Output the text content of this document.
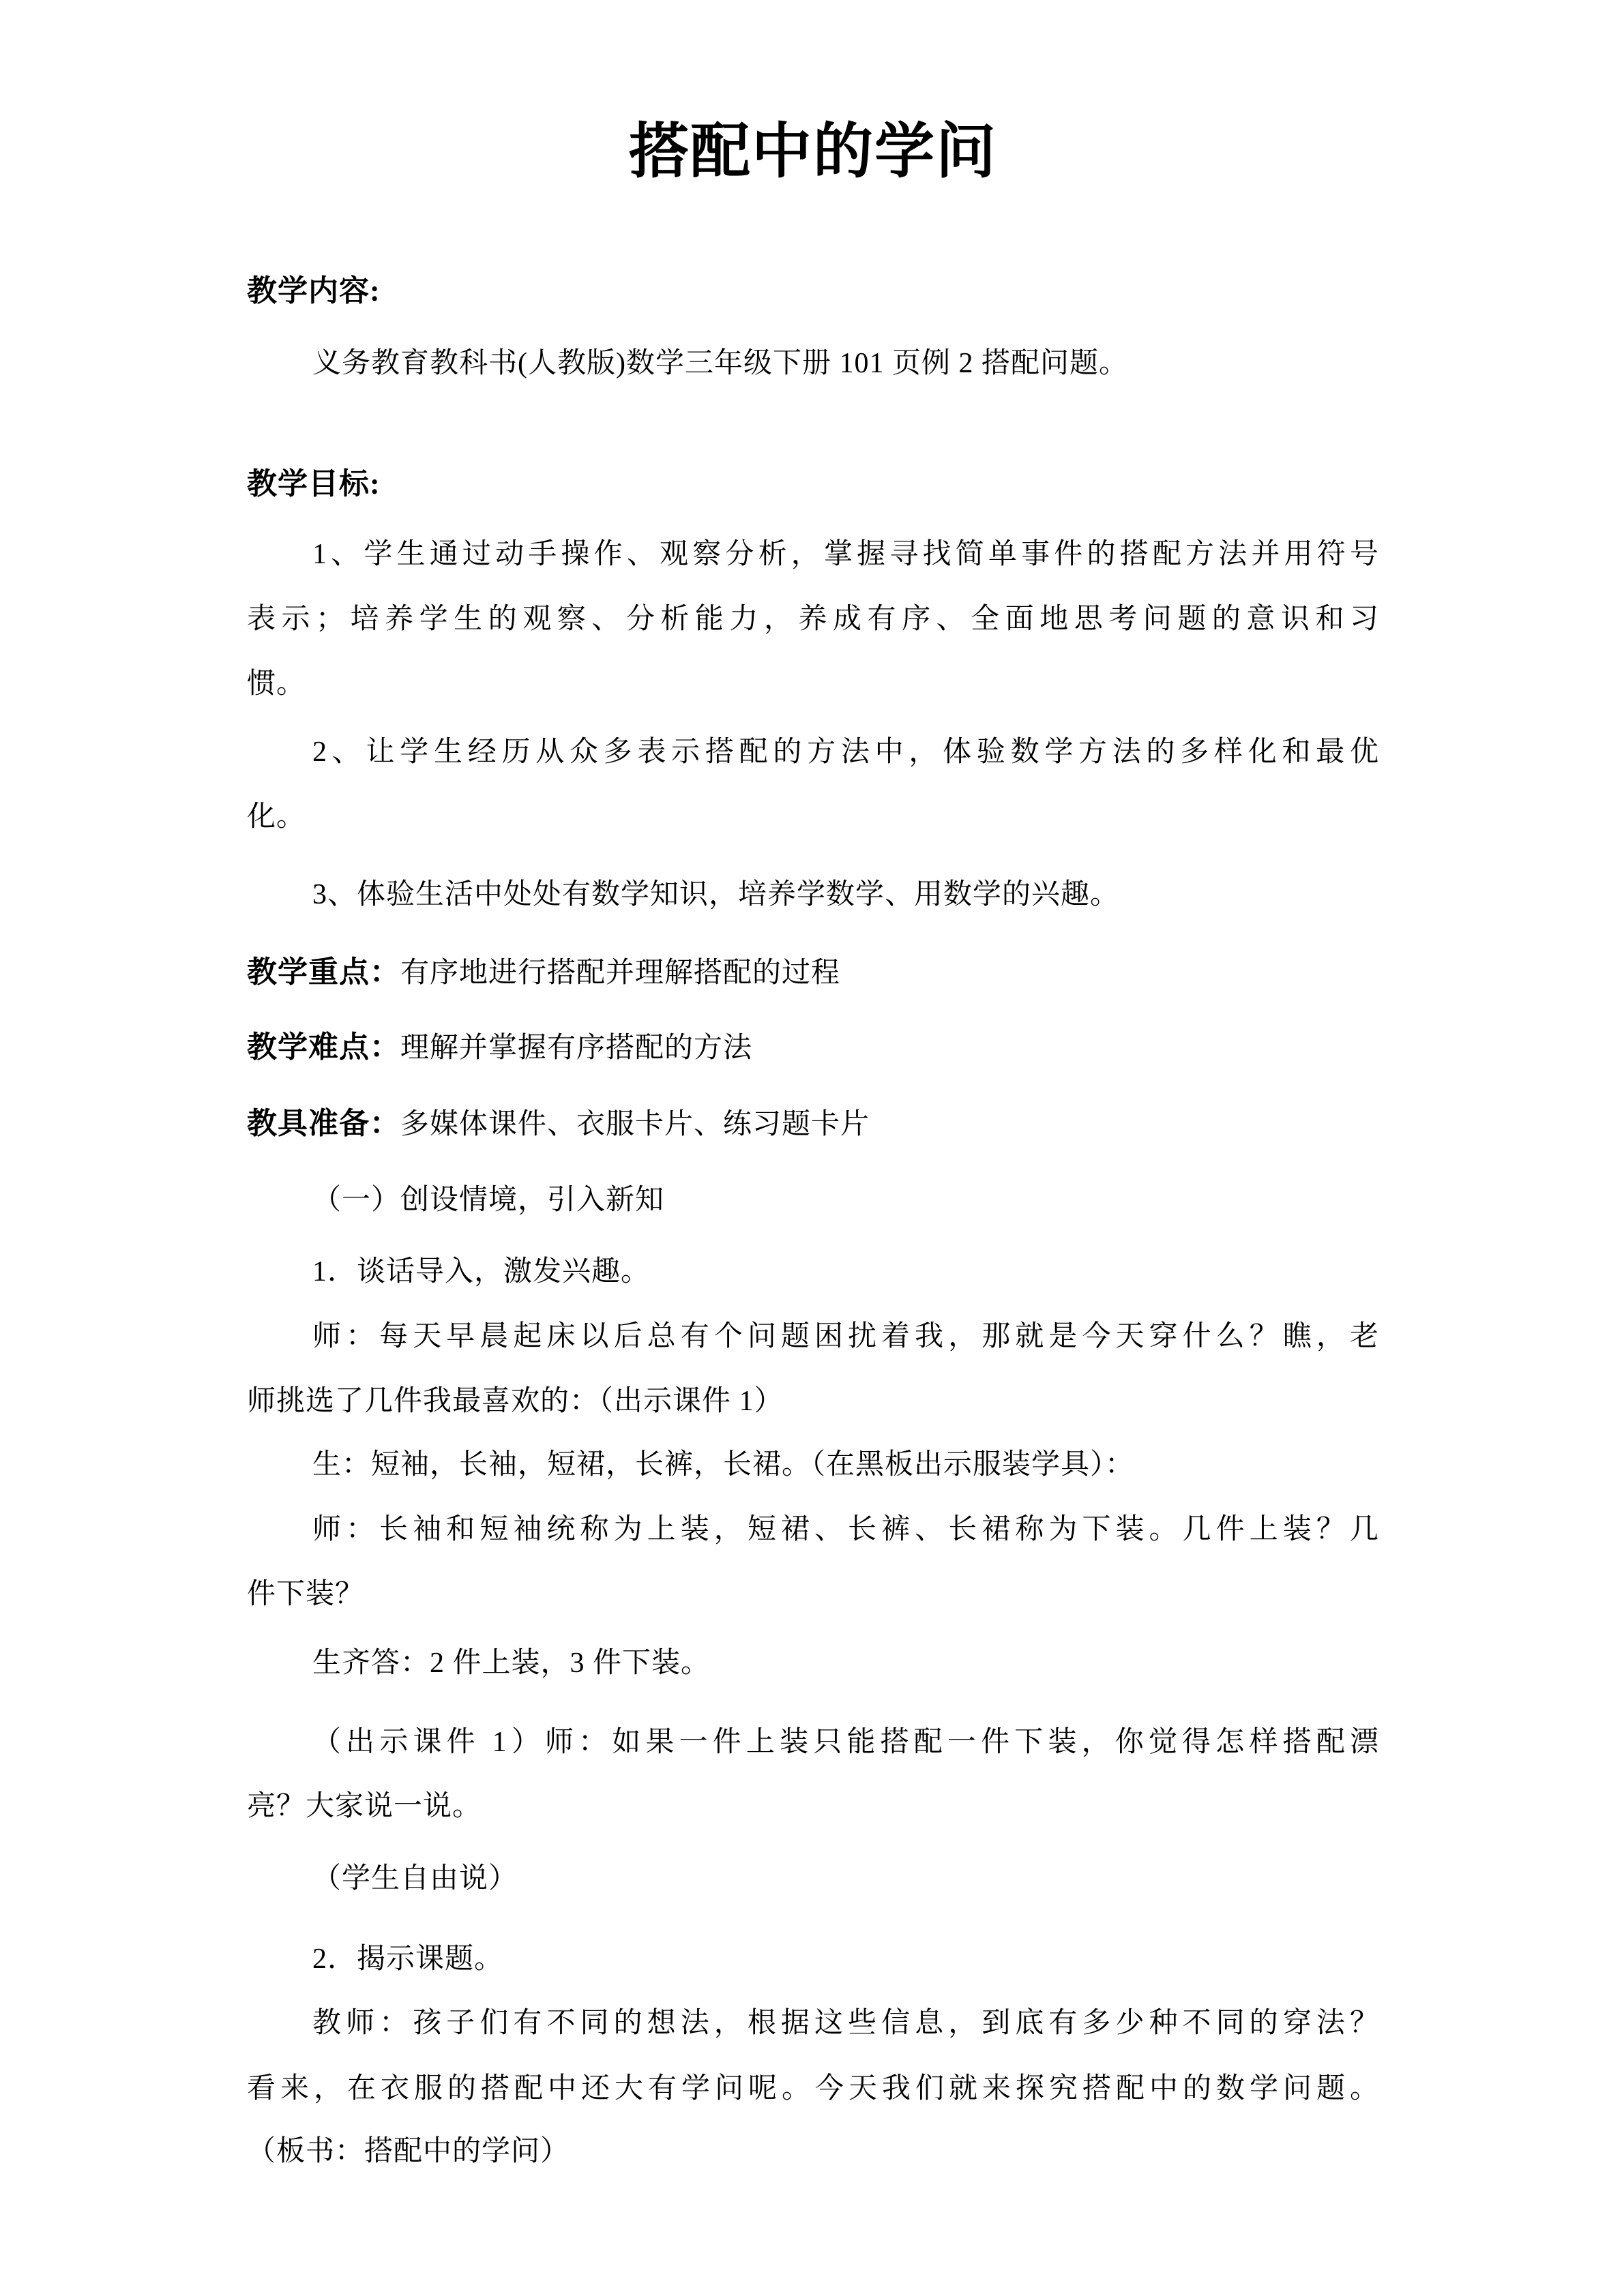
搭配中的学问
教学内容:
义务教育教科书(人教版)数学三年级下册 101 页例 2 搭配问题。
教学目标:
1、学生通过动手操作、观察分析，掌握寻找简单事件的搭配方法并用符号
表示；培养学生的观察、分析能力，养成有序、全面地思考问题的意识和习
惯。
2、让学生经历从众多表示搭配的方法中，体验数学方法的多样化和最优
化。
3、体验生活中处处有数学知识，培养学数学、用数学的兴趣。
教学重点：有序地进行搭配并理解搭配的过程
教学难点：理解并掌握有序搭配的方法
教具准备：多媒体课件、衣服卡片、练习题卡片
（一）创设情境，引入新知
1．谈话导入，激发兴趣。
师：每天早晨起床以后总有个问题困扰着我，那就是今天穿什么？瞧，老
师挑选了几件我最喜欢的：（出示课件 1）
生：短袖，长袖，短裙，长裤，长裙。（在黑板出示服装学具）：
师：长袖和短袖统称为上装，短裙、长裤、长裙称为下装。几件上装？几
件下装？
生齐答：2 件上装，3 件下装。
（出示课件 1）师：如果一件上装只能搭配一件下装，你觉得怎样搭配漂
亮？大家说一说。
（学生自由说）
2．揭示课题。
教师：孩子们有不同的想法，根据这些信息，到底有多少种不同的穿法？
看来，在衣服的搭配中还大有学问呢。今天我们就来探究搭配中的数学问题。
（板书：搭配中的学问）
